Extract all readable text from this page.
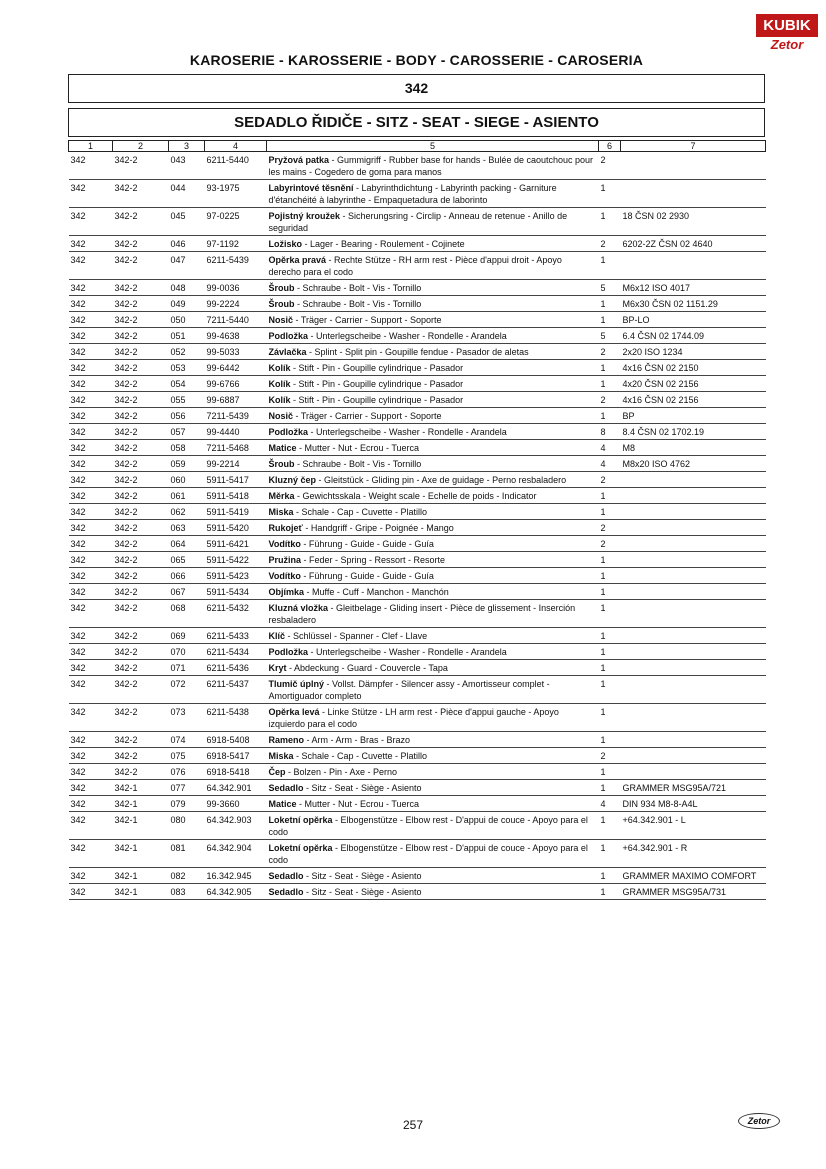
KUBIK
Zetor
KAROSERIE - KAROSSERIE - BODY - CAROSSERIE - CAROSERIA
342
SEDADLO ŘIDIČE - SITZ - SEAT - SIEGE - ASIENTO
1	2	3	4	5	6	7
342	342-2	043	6211-5440	Pryžová patka - Gummigriff - Rubber base for hands - Bulée de caoutchouc pour les mains - Cogedero de goma para manos	2	
342	342-2	044	93-1975	Labyrintové těsnění - Labyrinthdichtung - Labyrinth packing - Garniture d'étanchéité à labyrinthe - Empaquetadura de laborinto	1	
342	342-2	045	97-0225	Pojistný kroužek - Sicherungsring - Circlip - Anneau de retenue - Anillo de seguridad	1	18 ČSN 02 2930
342	342-2	046	97-1192	Ložisko - Lager - Bearing - Roulement - Cojinete	2	6202-2Z ČSN 02 4640
342	342-2	047	6211-5439	Opěrka pravá - Rechte Stütze - RH arm rest - Pièce d'appui droit - Apoyo derecho para el codo	1	
342	342-2	048	99-0036	Šroub - Schraube - Bolt - Vis - Tornillo	5	M6x12 ISO 4017
342	342-2	049	99-2224	Šroub - Schraube - Bolt - Vis - Tornillo	1	M6x30 ČSN 02 1151.29
342	342-2	050	7211-5440	Nosič - Träger - Carrier - Support - Soporte	1	BP-LO
342	342-2	051	99-4638	Podložka - Unterlegscheibe - Washer - Rondelle - Arandela	5	6.4 ČSN 02 1744.09
342	342-2	052	99-5033	Závlačka - Splint - Split pin - Goupille fendue - Pasador de aletas	2	2x20 ISO 1234
342	342-2	053	99-6442	Kolík - Stift - Pin - Goupille cylindrique - Pasador	1	4x16 ČSN 02 2150
342	342-2	054	99-6766	Kolík - Stift - Pin - Goupille cylindrique - Pasador	1	4x20 ČSN 02 2156
342	342-2	055	99-6887	Kolík - Stift - Pin - Goupille cylindrique - Pasador	2	4x16 ČSN 02 2156
342	342-2	056	7211-5439	Nosič - Träger - Carrier - Support - Soporte	1	BP
342	342-2	057	99-4440	Podložka - Unterlegscheibe - Washer - Rondelle - Arandela	8	8.4 ČSN 02 1702.19
342	342-2	058	7211-5468	Matice - Mutter - Nut - Ecrou - Tuerca	4	M8
342	342-2	059	99-2214	Šroub - Schraube - Bolt - Vis - Tornillo	4	M8x20 ISO 4762
342	342-2	060	5911-5417	Kluzný čep - Gleitstück - Gliding pin - Axe de guidage - Perno resbaladero	2	
342	342-2	061	5911-5418	Měrka - Gewichtsskala - Weight scale - Echelle de poids - Indicator	1	
342	342-2	062	5911-5419	Miska - Schale - Cap - Cuvette - Platillo	1	
342	342-2	063	5911-5420	Rukojeť - Handgriff - Gripe - Poignée - Mango	2	
342	342-2	064	5911-6421	Vodítko - Führung - Guide - Guide - Guía	2	
342	342-2	065	5911-5422	Pružina - Feder - Spring - Ressort - Resorte	1	
342	342-2	066	5911-5423	Vodítko - Führung - Guide - Guide - Guía	1	
342	342-2	067	5911-5434	Objímka - Muffe - Cuff - Manchon - Manchón	1	
342	342-2	068	6211-5432	Kluzná vložka - Gleitbelage - Gliding insert - Pièce de glissement - Inserción resbaladero	1	
342	342-2	069	6211-5433	Klíč - Schlüssel - Spanner - Clef - Llave	1	
342	342-2	070	6211-5434	Podložka - Unterlegscheibe - Washer - Rondelle - Arandela	1	
342	342-2	071	6211-5436	Kryt - Abdeckung - Guard - Couvercle - Tapa	1	
342	342-2	072	6211-5437	Tlumič úplný - Vollst. Dämpfer - Silencer assy - Amortisseur complet - Amortiguador completo	1	
342	342-2	073	6211-5438	Opěrka levá - Linke Stütze - LH arm rest - Pièce d'appui gauche - Apoyo izquierdo para el codo	1	
342	342-2	074	6918-5408	Rameno - Arm - Arm - Bras - Brazo	1	
342	342-2	075	6918-5417	Miska - Schale - Cap - Cuvette - Platillo	2	
342	342-2	076	6918-5418	Čep - Bolzen - Pin - Axe - Perno	1	
342	342-1	077	64.342.901	Sedadlo - Sitz - Seat - Siège - Asiento	1	GRAMMER MSG95A/721
342	342-1	079	99-3660	Matice - Mutter - Nut - Ecrou - Tuerca	4	DIN 934 M8-8-A4L
342	342-1	080	64.342.903	Loketní opěrka - Elbogenstütze - Elbow rest - D'appui de couce - Apoyo para el codo	1	+64.342.901 - L
342	342-1	081	64.342.904	Loketní opěrka - Elbogenstütze - Elbow rest - D'appui de couce - Apoyo para el codo	1	+64.342.901 - R
342	342-1	082	16.342.945	Sedadlo - Sitz - Seat - Siège - Asiento	1	GRAMMER MAXIMO COMFORT
342	342-1	083	64.342.905	Sedadlo - Sitz - Seat - Siège - Asiento	1	GRAMMER MSG95A/731
257	Zetor
